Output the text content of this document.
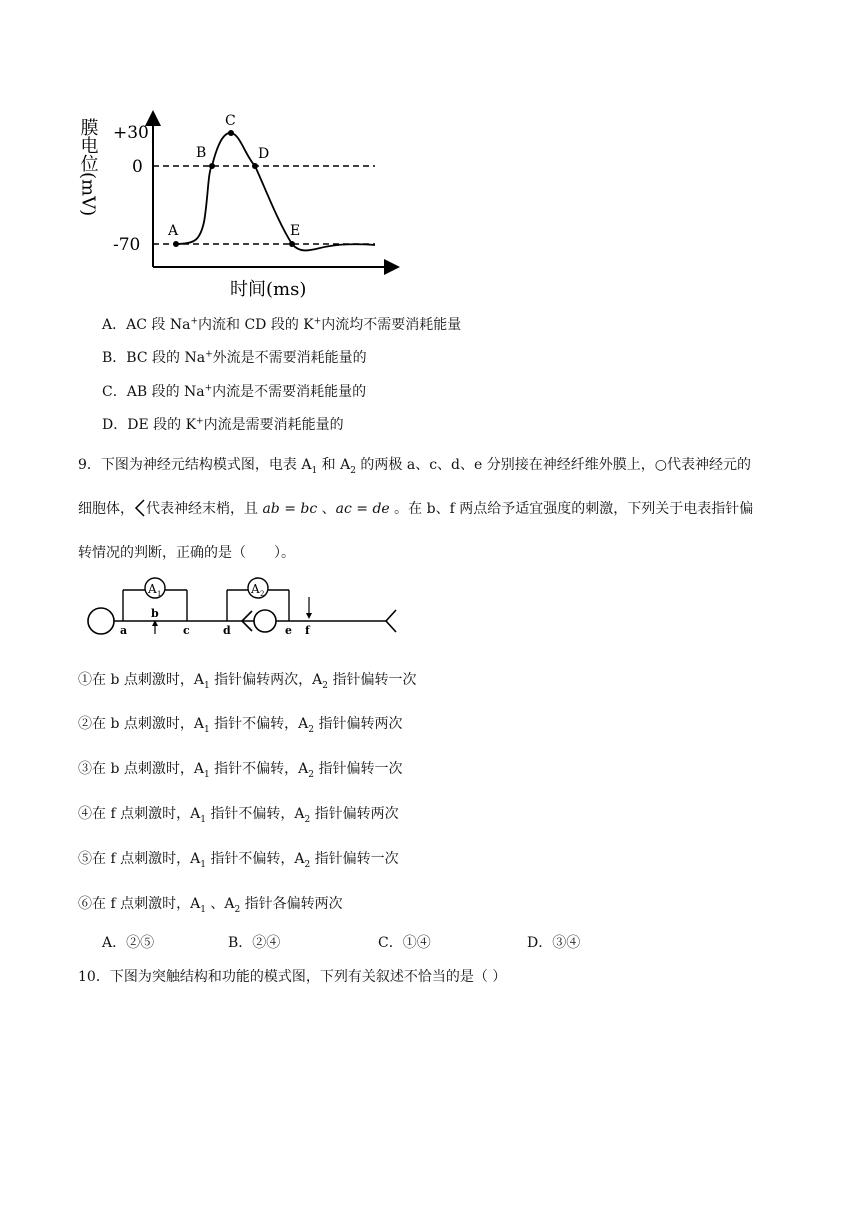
A
B
C
D
E
+30
0
-70
膜电位(mV)
时间(ms)
A．AC 段 Na+内流和 CD 段的 K+内流均不需要消耗能量
B．BC 段的 Na+外流是不需要消耗能量的
C．AB 段的 Na+内流是不需要消耗能量的
D．DE 段的 K+内流是需要消耗能量的
9．下图为神经元结构模式图，电表 $A_1$ 和 $A_2$ 的两极 a、c、d、e 分别接在神经纤维外膜上，○代表神经元的
细胞体， 代表神经末梢，且 ab = bc 、ac = de 。在 b、f 两点给予适宜强度的刺激，下列关于电表指针偏
转情况的判断，正确的是（　　）。
A 1	A 2
a
b
c	d	e f
①在 b 点刺激时，$A_1$ 指针偏转两次，$A_2$ 指针偏转一次
②在 b 点刺激时，$A_1$ 指针不偏转，$A_2$ 指针偏转两次
③在 b 点刺激时，$A_1$ 指针不偏转，$A_2$ 指针偏转一次
④在 f 点刺激时，$A_1$ 指针不偏转，$A_2$ 指针偏转两次
⑤在 f 点刺激时，$A_1$ 指针不偏转，$A_2$ 指针偏转一次
⑥在 f 点刺激时，$A_1$ 、$A_2$ 指针各偏转两次
A．②⑤	B．②④	C．①④	D．③④
10．下图为突触结构和功能的模式图，下列有关叙述不恰当的是（ ）
